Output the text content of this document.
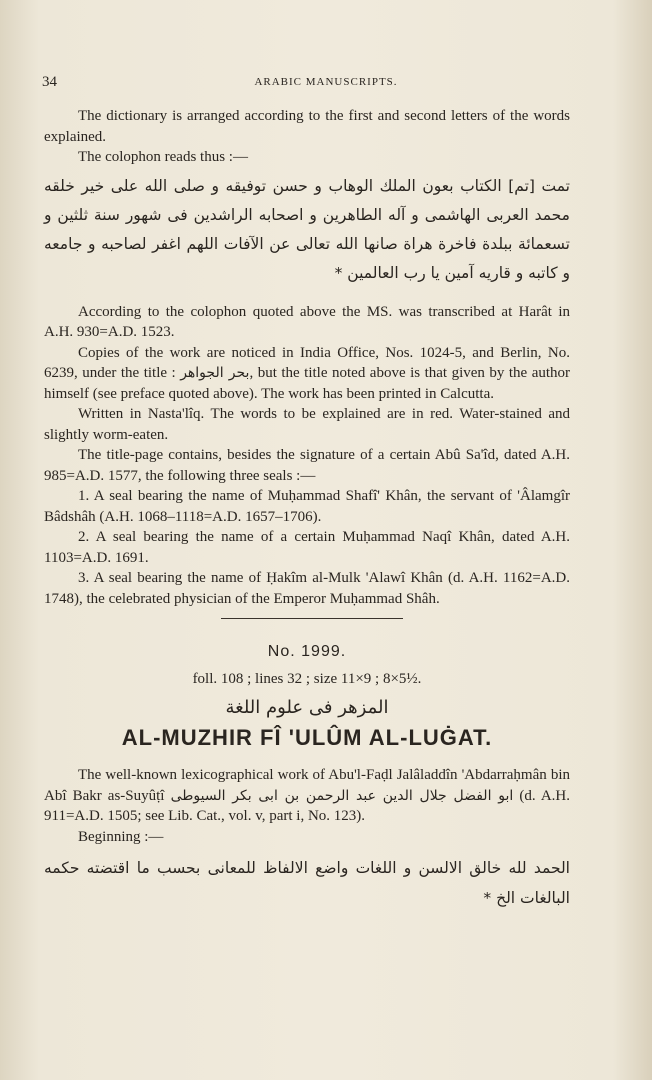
34	ARABIC MANUSCRIPTS.

The dictionary is arranged according to the first and second letters of the words explained.

The colophon reads thus :—

تمت [تم] الكتاب بعون الملك الوهاب و حسن توفيقه و صلى الله على خير خلقه محمد العربى الهاشمى و آله الطاهرين و اصحابه الراشدين فى شهور سنة ثلثين و تسعمائة ببلدة فاخرة هراة صانها الله تعالى عن الآفات اللهم اغفر لصاحبه و جامعه و كاتبه و قاريه آمين يا رب العالمين *

According to the colophon quoted above the MS. was transcribed at Harât in A.H. 930=A.D. 1523.

Copies of the work are noticed in India Office, Nos. 1024-5, and Berlin, No. 6239, under the title : بحر الجواهر, but the title noted above is that given by the author himself (see preface quoted above). The work has been printed in Calcutta.

Written in Nasta'lîq. The words to be explained are in red. Water-stained and slightly worm-eaten.

The title-page contains, besides the signature of a certain Abû Sa'îd, dated A.H. 985=A.D. 1577, the following three seals :—

1. A seal bearing the name of Muḥammad Shafî' Khân, the servant of 'Âlamgîr Bâdshâh (A.H. 1068–1118=A.D. 1657–1706).

2. A seal bearing the name of a certain Muḥammad Naqî Khân, dated A.H. 1103=A.D. 1691.

3. A seal bearing the name of Ḥakîm al-Mulk 'Alawî Khân (d. A.H. 1162=A.D. 1748), the celebrated physician of the Emperor Muḥammad Shâh.

No. 1999.
foll. 108 ; lines 32 ; size 11×9 ; 8×5½.
المزهر فى علوم اللغة
AL-MUZHIR FÎ 'ULÛM AL-LUĠAT.

The well-known lexicographical work of Abu'l-Faḍl Jalâladdîn 'Abdarraḥmân bin Abî Bakr as-Suyûṭî ابو الفضل جلال الدين عبد الرحمن بن ابى بكر السيوطى (d. A.H. 911=A.D. 1505; see Lib. Cat., vol. v, part i, No. 123).

Beginning :—

الحمد لله خالق الالسن و اللغات واضع الالفاظ للمعانى بحسب ما اقتضته حكمه البالغات الخ *
